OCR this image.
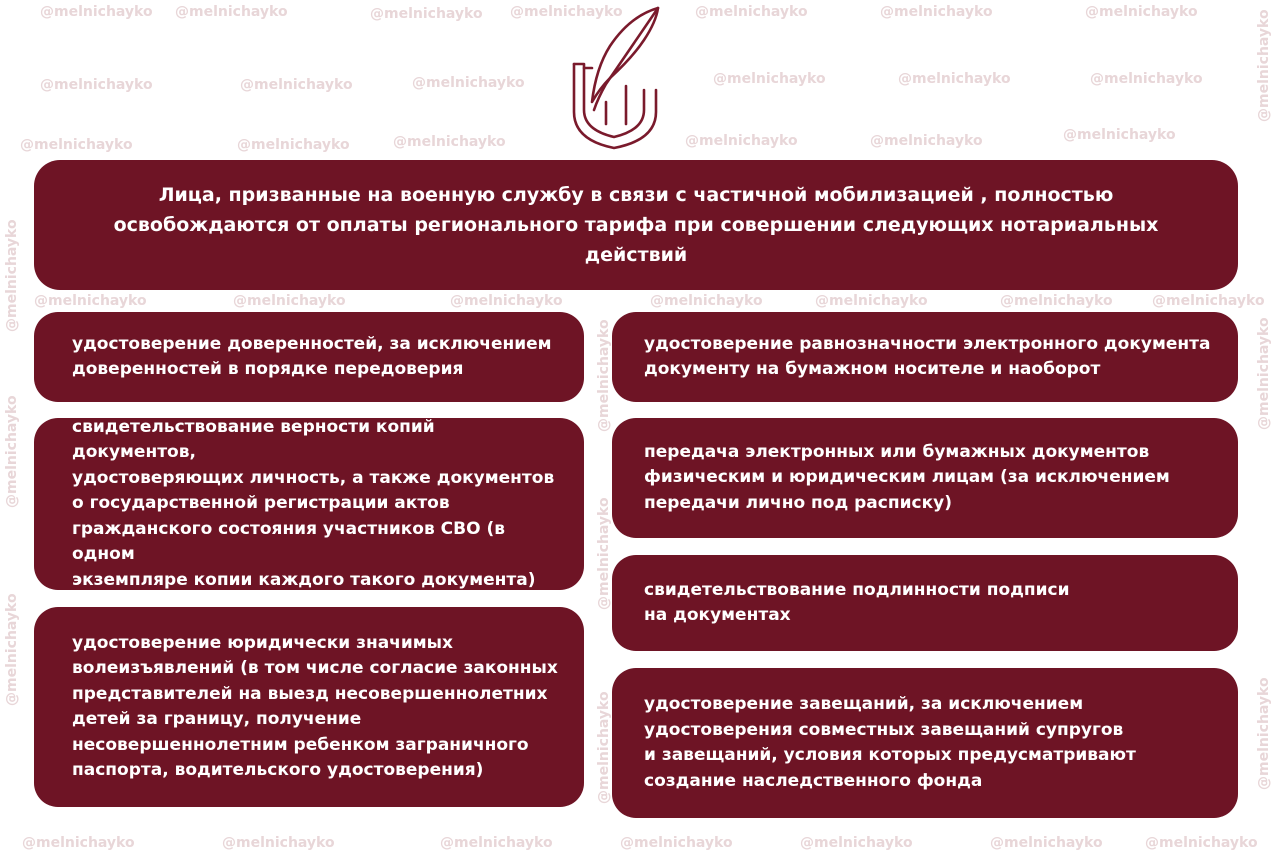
@melnichayko @melnichayko	@melnichayko @melnichayko	@melnichayko	@melnichayko	@melnichayko
@melnichayko	@melnichayko	@melnichayko	@melnichayko	@melnichayko	@melnichayko
@melnichayko	@melnichayko	@melnichayko	@melnichayko	@melnichayko	@melnichayko
@melnichayko	@melnichayko	@melnichayko	@melnichayko	@melnichayko	@melnichayko	@melnichayko
@melnichayko	@melnichayko	@melnichayko	@melnichayko	@melnichayko	@melnichayko	@melnichayko
@melnichayko
@melnichayko
@melnichayko
@melnichayko
@melnichayko
@melnichayko
@melnichayko
@melnichayko
@melnichayko
Лица, призванные на военную службу в связи с частичной мобилизацией , полностью освобождаются от оплаты регионального тарифа при совершении следующих нотариальных действий
удостоверение доверенностей, за исключением
доверенностей в порядке передоверия
свидетельствование верности копий документов,
удостоверяющих личность, а также документов
о государственной регистрации актов
гражданского состояния участников СВО (в одном
экземпляре копии каждого такого документа)
удостоверение юридически значимых
волеизъявлений (в том числе согласие законных
представителей на выезд несовершеннолетних
детей за границу, получение
несовершеннолетним ребенком заграничного
паспорта, водительского удостоверения)
удостоверение равнозначности электронного документа
документу на бумажном носителе и наоборот
передача электронных или бумажных документов
физическим и юридическим лицам (за исключением
передачи лично под расписку)
свидетельствование подлинности подписи
на документах
удостоверение завещаний, за исключением
удостоверения совместных завещаний супругов
и завещаний, условия которых предусматривают
создание наследственного фонда
